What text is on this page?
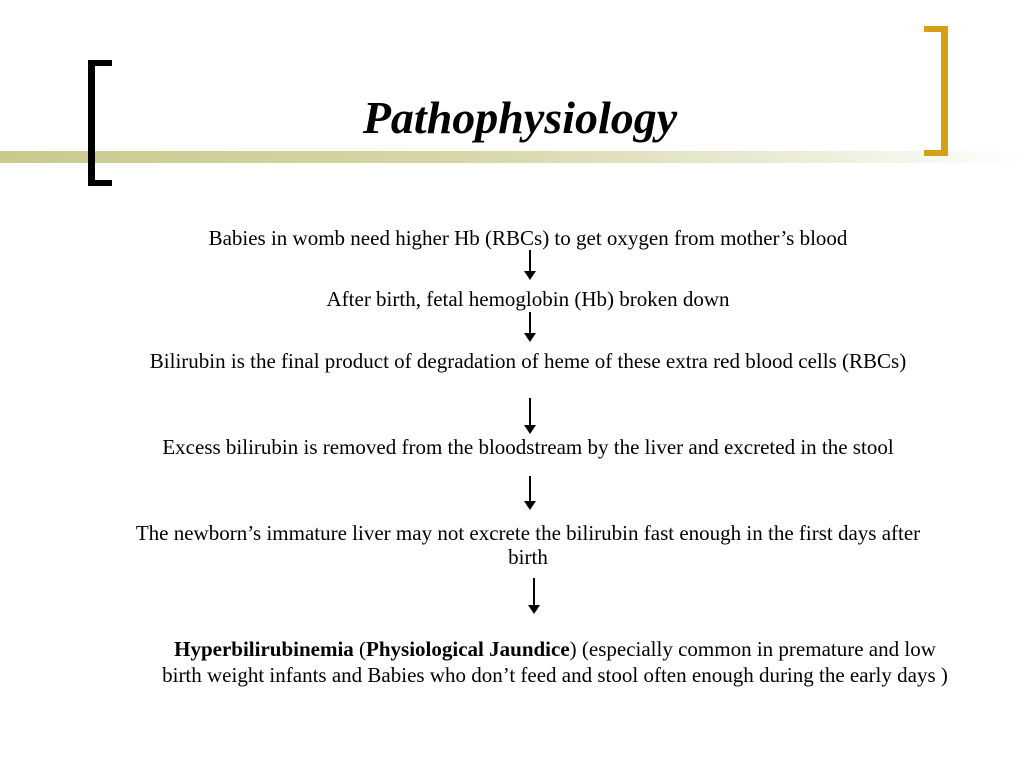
Pathophysiology

Babies in womb need higher Hb (RBCs) to get oxygen from mother’s blood

After birth, fetal hemoglobin (Hb) broken down

Bilirubin is the final product of degradation of heme of these extra red blood cells (RBCs)

Excess bilirubin is removed from the bloodstream by the liver and excreted in the stool

The newborn’s immature liver may not excrete the bilirubin fast enough in the first days after birth

Hyperbilirubinemia (Physiological Jaundice) (especially common in premature and low birth weight infants and Babies who don’t feed and stool often enough during the early days )
